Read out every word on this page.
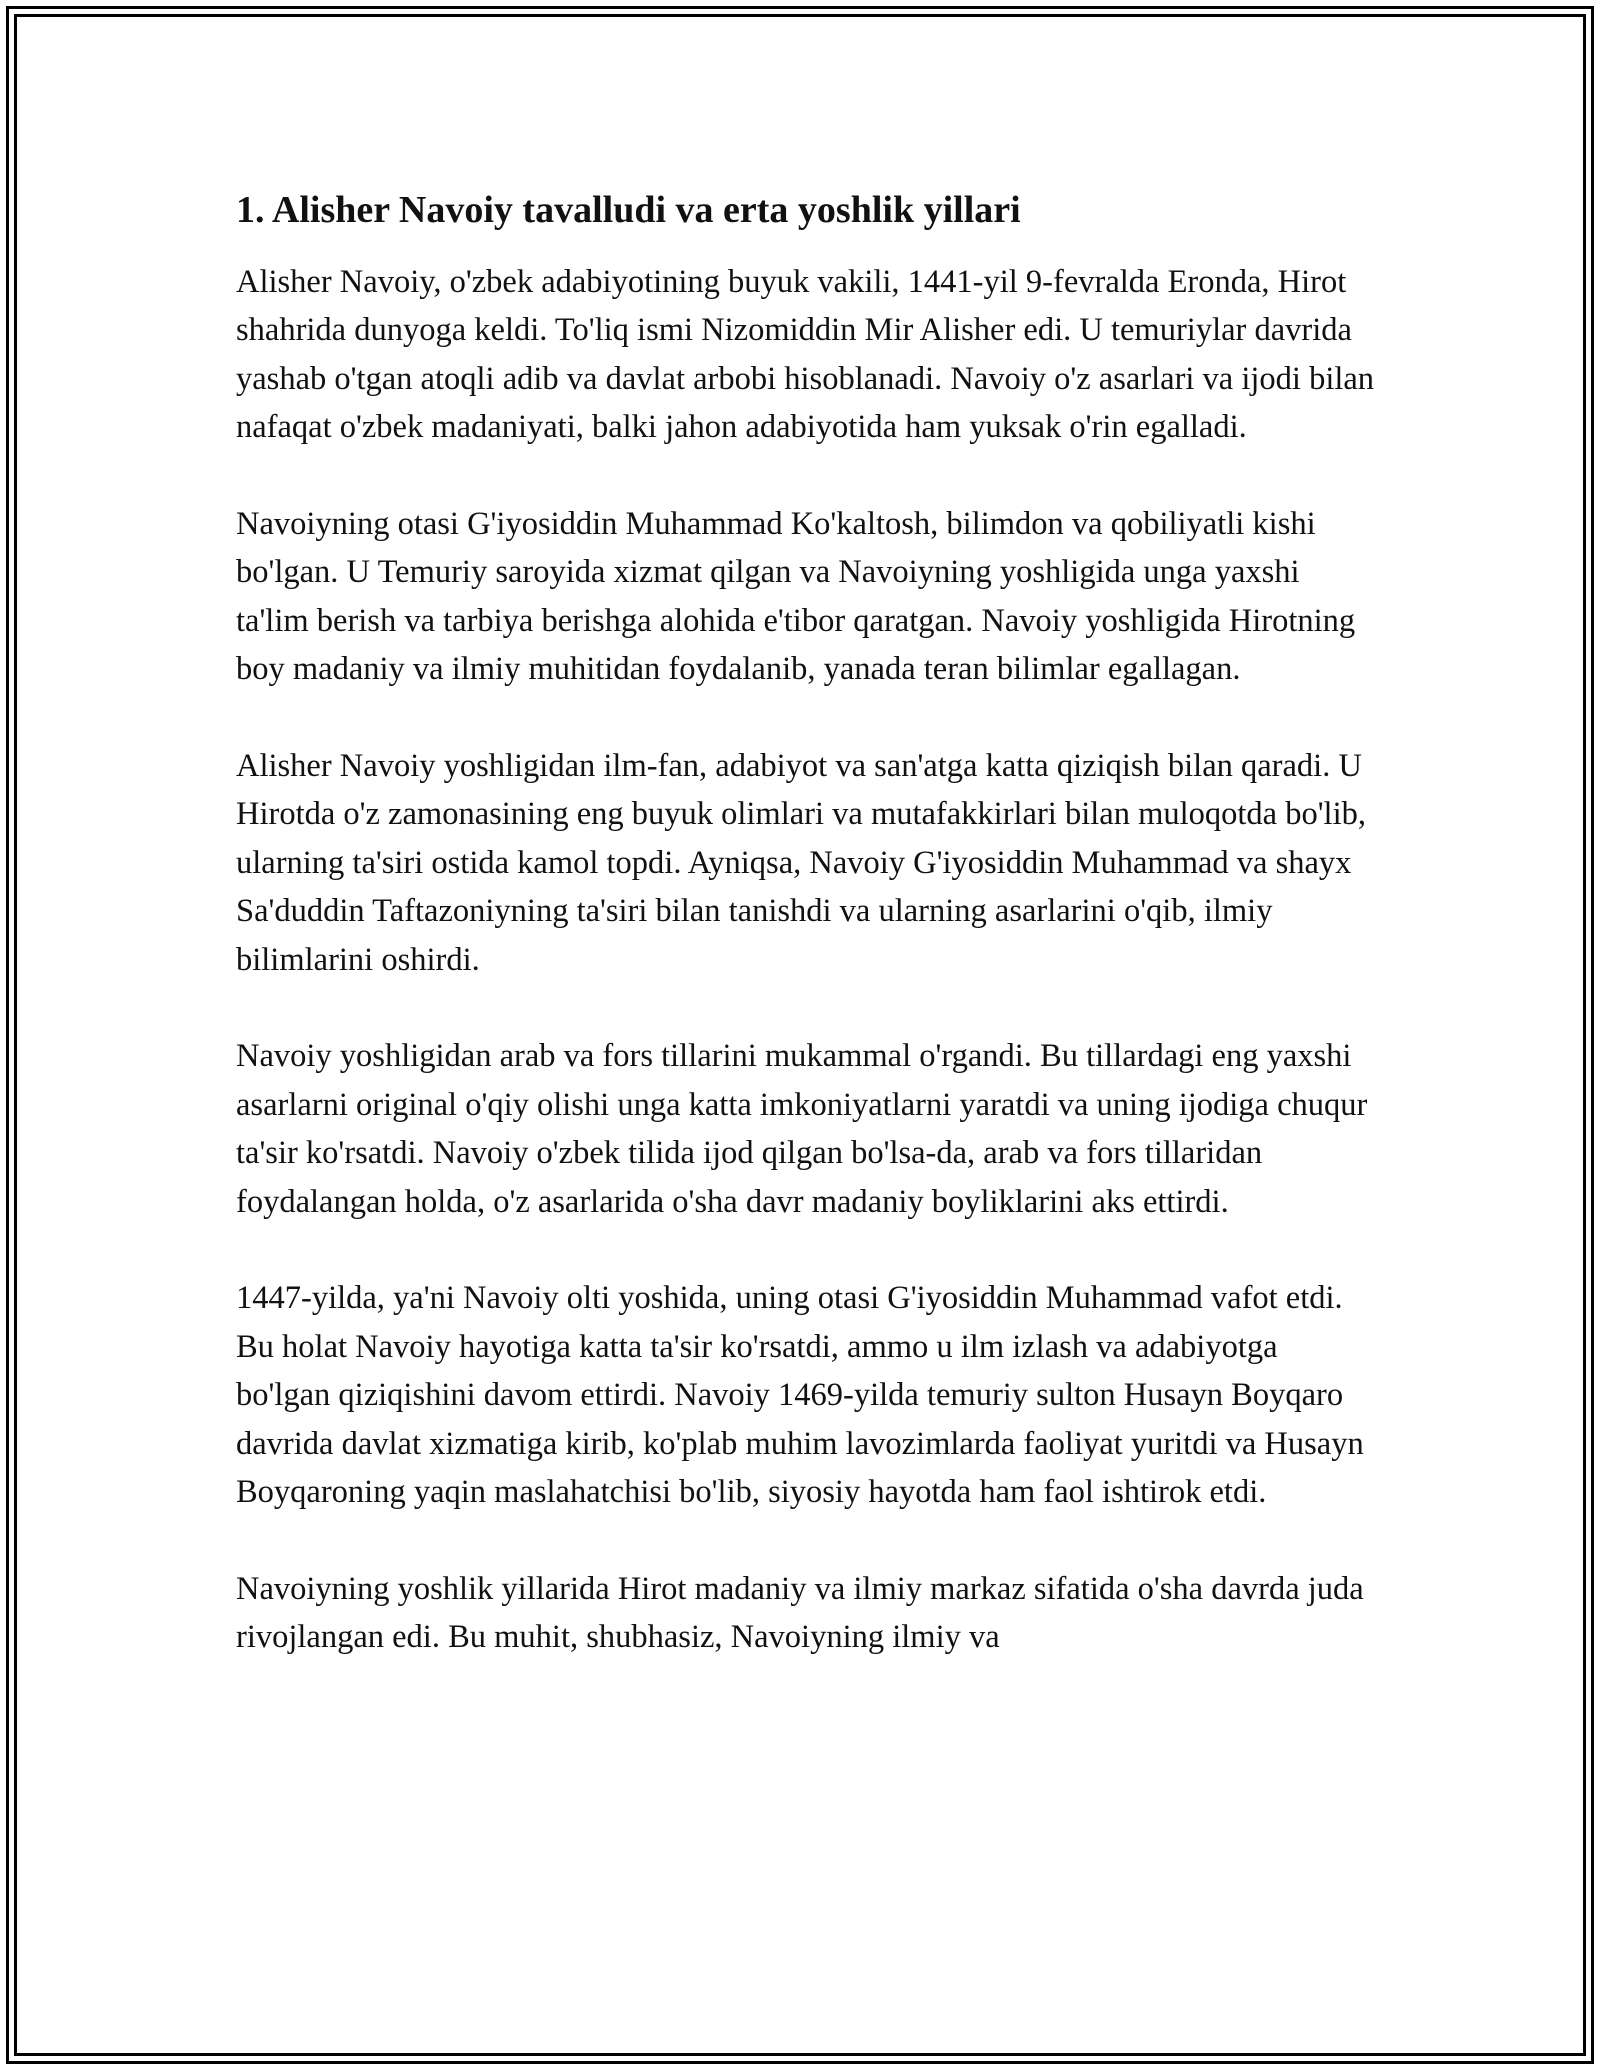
1. Alisher Navoiy tavalludi va erta yoshlik yillari

Alisher Navoiy, o'zbek adabiyotining buyuk vakili, 1441-yil 9-fevralda Eronda, Hirot shahrida dunyoga keldi. To'liq ismi Nizomiddin Mir Alisher edi. U temuriylar davrida yashab o'tgan atoqli adib va davlat arbobi hisoblanadi. Navoiy o'z asarlari va ijodi bilan nafaqat o'zbek madaniyati, balki jahon adabiyotida ham yuksak o'rin egalladi.

Navoiyning otasi G'iyosiddin Muhammad Ko'kaltosh, bilimdon va qobiliyatli kishi bo'lgan. U Temuriy saroyida xizmat qilgan va Navoiyning yoshligida unga yaxshi ta'lim berish va tarbiya berishga alohida e'tibor qaratgan. Navoiy yoshligida Hirotning boy madaniy va ilmiy muhitidan foydalanib, yanada teran bilimlar egallagan.

Alisher Navoiy yoshligidan ilm-fan, adabiyot va san'atga katta qiziqish bilan qaradi. U Hirotda o'z zamonasining eng buyuk olimlari va mutafakkirlari bilan muloqotda bo'lib, ularning ta'siri ostida kamol topdi. Ayniqsa, Navoiy G'iyosiddin Muhammad va shayx Sa'duddin Taftazoniyning ta'siri bilan tanishdi va ularning asarlarini o'qib, ilmiy bilimlarini oshirdi.

Navoiy yoshligidan arab va fors tillarini mukammal o'rgandi. Bu tillardagi eng yaxshi asarlarni original o'qiy olishi unga katta imkoniyatlarni yaratdi va uning ijodiga chuqur ta'sir ko'rsatdi. Navoiy o'zbek tilida ijod qilgan bo'lsa-da, arab va fors tillaridan foydalangan holda, o'z asarlarida o'sha davr madaniy boyliklarini aks ettirdi.

1447-yilda, ya'ni Navoiy olti yoshida, uning otasi G'iyosiddin Muhammad vafot etdi. Bu holat Navoiy hayotiga katta ta'sir ko'rsatdi, ammo u ilm izlash va adabiyotga bo'lgan qiziqishini davom ettirdi. Navoiy 1469-yilda temuriy sulton Husayn Boyqaro davrida davlat xizmatiga kirib, ko'plab muhim lavozimlarda faoliyat yuritdi va Husayn Boyqaroning yaqin maslahatchisi bo'lib, siyosiy hayotda ham faol ishtirok etdi.

Navoiyning yoshlik yillarida Hirot madaniy va ilmiy markaz sifatida o'sha davrda juda rivojlangan edi. Bu muhit, shubhasiz, Navoiyning ilmiy va
